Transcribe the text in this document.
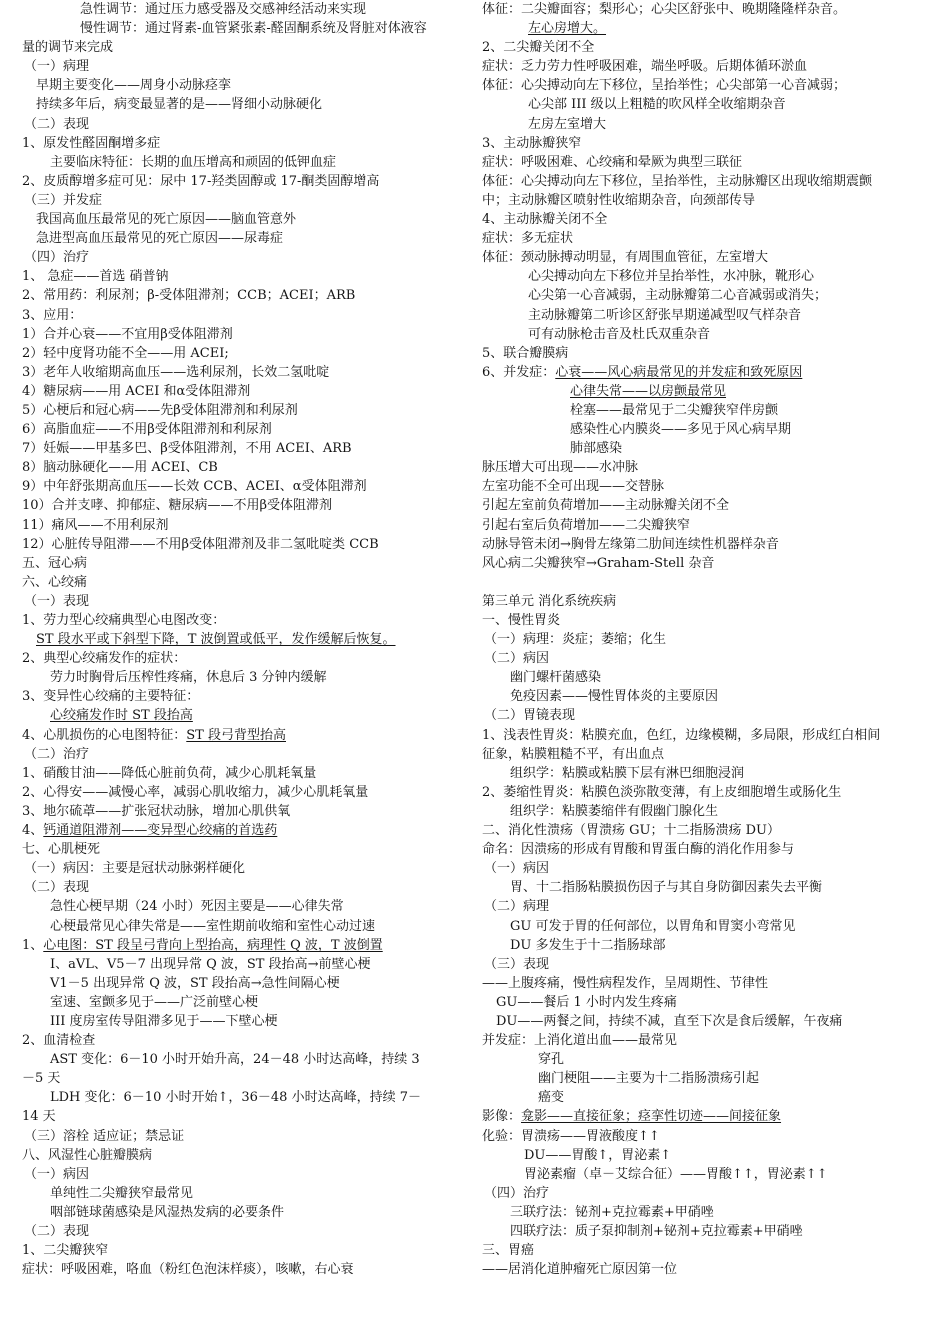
急性调节：通过压力感受器及交感神经活动来实现
慢性调节：通过肾素-血管紧张素-醛固酮系统及肾脏对体液容
量的调节来完成
（一）病理
早期主要变化——周身小动脉痉挛
持续多年后，病变最显著的是——肾细小动脉硬化
（二）表现
1、原发性醛固酮增多症
主要临床特征：长期的血压增高和顽固的低钾血症
2、皮质醇增多症可见：尿中 17-羟类固醇或 17-酮类固醇增高
（三）并发症
我国高血压最常见的死亡原因——脑血管意外
急进型高血压最常见的死亡原因——尿毒症
（四）治疗
1、 急症——首选 硝普钠
2、常用药：利尿剂；β-受体阻滞剂；CCB；ACEI；ARB
3、应用：
1）合并心衰——不宜用β受体阻滞剂
2）轻中度肾功能不全——用 ACEI;
3）老年人收缩期高血压——选利尿剂，长效二氢吡啶
4）糖尿病——用 ACEI 和α受体阻滞剂
5）心梗后和冠心病——先β受体阻滞剂和利尿剂
6）高脂血症——不用β受体阻滞剂和利尿剂
7）妊娠——甲基多巴、β受体阻滞剂，不用 ACEI、ARB
8）脑动脉硬化——用 ACEI、CB
9）中年舒张期高血压——长效 CCB、ACEI、α受体阻滞剂
10）合并支哮、抑郁症、糖尿病——不用β受体阻滞剂
11）痛风——不用利尿剂
12）心脏传导阻滞——不用β受体阻滞剂及非二氢吡啶类 CCB
五、冠心病
六、心绞痛
（一）表现
1、劳力型心绞痛典型心电图改变：
ST 段水平或下斜型下降，T 波倒置或低平，发作缓解后恢复。
2、典型心绞痛发作的症状：
劳力时胸骨后压榨性疼痛，休息后 3 分钟内缓解
3、变异性心绞痛的主要特征：
心绞痛发作时 ST 段抬高
4、心肌损伤的心电图特征：ST 段弓背型抬高
（二）治疗
1、硝酸甘油——降低心脏前负荷，减少心肌耗氧量
2、心得安——减慢心率，减弱心肌收缩力，减少心肌耗氧量
3、地尔硫䓬——扩张冠状动脉，增加心肌供氧
4、钙通道阻滞剂——变异型心绞痛的首选药
七、心肌梗死
（一）病因：主要是冠状动脉粥样硬化
（二）表现
急性心梗早期（24 小时）死因主要是——心律失常
心梗最常见心律失常是——室性期前收缩和室性心动过速
1、心电图：ST 段呈弓背向上型抬高，病理性 Q 波，T 波倒置
I、aVL、V5－7 出现异常 Q 波，ST 段抬高→前壁心梗
V1－5 出现异常 Q 波，ST 段抬高→急性间隔心梗
室速、室颤多见于——广泛前壁心梗
III 度房室传导阻滞多见于——下壁心梗
2、血清检查
AST 变化：6－10 小时开始升高，24－48 小时达高峰，持续 3
－5 天
LDH 变化：6－10 小时开始↑，36－48 小时达高峰，持续 7－
14 天
（三）溶栓 适应证；禁忌证
八、风湿性心脏瓣膜病
（一）病因
单纯性二尖瓣狭窄最常见
咽部链球菌感染是风湿热发病的必要条件
（二）表现
1、二尖瓣狭窄
症状：呼吸困难，咯血（粉红色泡沫样痰），咳嗽，右心衰
体征：二尖瓣面容；梨形心；心尖区舒张中、晚期隆隆样杂音。
左心房增大。
2、二尖瓣关闭不全
症状：乏力劳力性呼吸困难，端坐呼吸。后期体循环淤血
体征：心尖搏动向左下移位，呈抬举性；心尖部第一心音减弱；
心尖部 III 级以上粗糙的吹风样全收缩期杂音
左房左室增大
3、主动脉瓣狭窄
症状：呼吸困难、心绞痛和晕厥为典型三联征
体征：心尖搏动向左下移位，呈抬举性，主动脉瓣区出现收缩期震颤
中；主动脉瓣区喷射性收缩期杂音，向颈部传导
4、主动脉瓣关闭不全
症状：多无症状
体征：颈动脉搏动明显，有周围血管征，左室增大
心尖搏动向左下移位并呈抬举性，水冲脉，靴形心
心尖第一心音减弱，主动脉瓣第二心音减弱或消失；
主动脉瓣第二听诊区舒张早期递减型叹气样杂音
可有动脉枪击音及杜氏双重杂音
5、联合瓣膜病
6、并发症：心衰——风心病最常见的并发症和致死原因
心律失常——以房颤最常见
栓塞——最常见于二尖瓣狭窄伴房颤
感染性心内膜炎——多见于风心病早期
肺部感染
脉压增大可出现——水冲脉
左室功能不全可出现——交替脉
引起左室前负荷增加——主动脉瓣关闭不全
引起右室后负荷增加——二尖瓣狭窄
动脉导管未闭→胸骨左缘第二肋间连续性机器样杂音
风心病二尖瓣狭窄→Graham-Stell 杂音
第三单元 消化系统疾病
一、慢性胃炎
（一）病理：炎症；萎缩；化生
（二）病因
幽门螺杆菌感染
免疫因素——慢性胃体炎的主要原因
（二）胃镜表现
1、浅表性胃炎：粘膜充血，色红，边缘模糊，多局限，形成红白相间
征象，粘膜粗糙不平，有出血点
组织学：粘膜或粘膜下层有淋巴细胞浸润
2、萎缩性胃炎：粘膜色淡弥散变薄，有上皮细胞增生或肠化生
组织学：粘膜萎缩伴有假幽门腺化生
二、消化性溃疡（胃溃疡 GU；十二指肠溃疡 DU）
命名：因溃疡的形成有胃酸和胃蛋白酶的消化作用参与
（一）病因
胃、十二指肠粘膜损伤因子与其自身防御因素失去平衡
（二）病理
GU 可发于胃的任何部位，以胃角和胃窦小弯常见
DU 多发生于十二指肠球部
（三）表现
——上腹疼痛，慢性病程发作，呈周期性、节律性
GU——餐后 1 小时内发生疼痛
DU——两餐之间，持续不减，直至下次是食后缓解，午夜痛
并发症：上消化道出血——最常见
穿孔
幽门梗阻——主要为十二指肠溃疡引起
癌变
影像：龛影——直接征象；痉挛性切迹——间接征象
化验：胃溃疡——胃液酸度↑↑
DU——胃酸↑，胃泌素↑
胃泌素瘤（卓－艾综合征）——胃酸↑↑，胃泌素↑↑
（四）治疗
三联疗法：铋剂+克拉霉素+甲硝唑
四联疗法：质子泵抑制剂+铋剂+克拉霉素+甲硝唑
三、胃癌
——居消化道肿瘤死亡原因第一位
